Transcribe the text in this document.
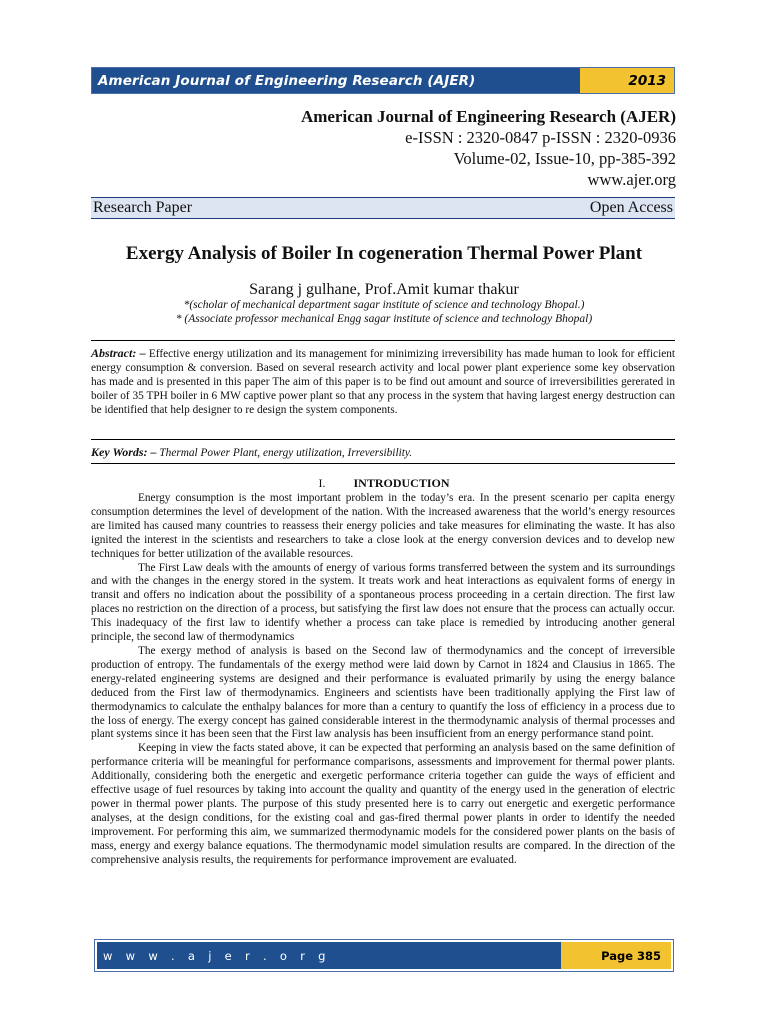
American Journal of Engineering Research (AJER)	2013
American Journal of Engineering Research (AJER)
e-ISSN : 2320-0847 p-ISSN : 2320-0936
Volume-02, Issue-10, pp-385-392
www.ajer.org
Research Paper	Open Access
Exergy Analysis of Boiler In cogeneration Thermal Power Plant
Sarang j gulhane, Prof.Amit kumar thakur
*(scholar of mechanical department sagar institute of science and technology Bhopal.)
* (Associate professor mechanical Engg sagar institute of science and technology Bhopal)
Abstract: – Effective energy utilization and its management for minimizing irreversibility has made human to look for efficient energy consumption & conversion. Based on several research activity and local power plant experience some key observation has made and is presented in this paper The aim of this paper is to be find out amount and source of irreversibilities gererated in boiler of 35 TPH boiler in 6 MW captive power plant so that any process in the system that having largest energy destruction can be identified that help designer to re design the system components.
Key Words: – Thermal Power Plant, energy utilization, Irreversibility.
I. INTRODUCTION

Energy consumption is the most important problem in the today’s era. In the present scenario per capita energy consumption determines the level of development of the nation. With the increased awareness that the world’s energy resources are limited has caused many countries to reassess their energy policies and take measures for eliminating the waste. It has also ignited the interest in the scientists and researchers to take a close look at the energy conversion devices and to develop new techniques for better utilization of the available resources.

The First Law deals with the amounts of energy of various forms transferred between the system and its surroundings and with the changes in the energy stored in the system. It treats work and heat interactions as equivalent forms of energy in transit and offers no indication about the possibility of a spontaneous process proceeding in a certain direction. The first law places no restriction on the direction of a process, but satisfying the first law does not ensure that the process can actually occur. This inadequacy of the first law to identify whether a process can take place is remedied by introducing another general principle, the second law of thermodynamics

The exergy method of analysis is based on the Second law of thermodynamics and the concept of irreversible production of entropy. The fundamentals of the exergy method were laid down by Carnot in 1824 and Clausius in 1865. The energy-related engineering systems are designed and their performance is evaluated primarily by using the energy balance deduced from the First law of thermodynamics. Engineers and scientists have been traditionally applying the First law of thermodynamics to calculate the enthalpy balances for more than a century to quantify the loss of efficiency in a process due to the loss of energy. The exergy concept has gained considerable interest in the thermodynamic analysis of thermal processes and plant systems since it has been seen that the First law analysis has been insufficient from an energy performance stand point.

Keeping in view the facts stated above, it can be expected that performing an analysis based on the same definition of performance criteria will be meaningful for performance comparisons, assessments and improvement for thermal power plants. Additionally, considering both the energetic and exergetic performance criteria together can guide the ways of efficient and effective usage of fuel resources by taking into account the quality and quantity of the energy used in the generation of electric power in thermal power plants. The purpose of this study presented here is to carry out energetic and exergetic performance analyses, at the design conditions, for the existing coal and gas-fired thermal power plants in order to identify the needed improvement. For performing this aim, we summarized thermodynamic models for the considered power plants on the basis of mass, energy and exergy balance equations. The thermodynamic model simulation results are compared. In the direction of the comprehensive analysis results, the requirements for performance improvement are evaluated.

w w w . a j e r . o r g	Page 385
